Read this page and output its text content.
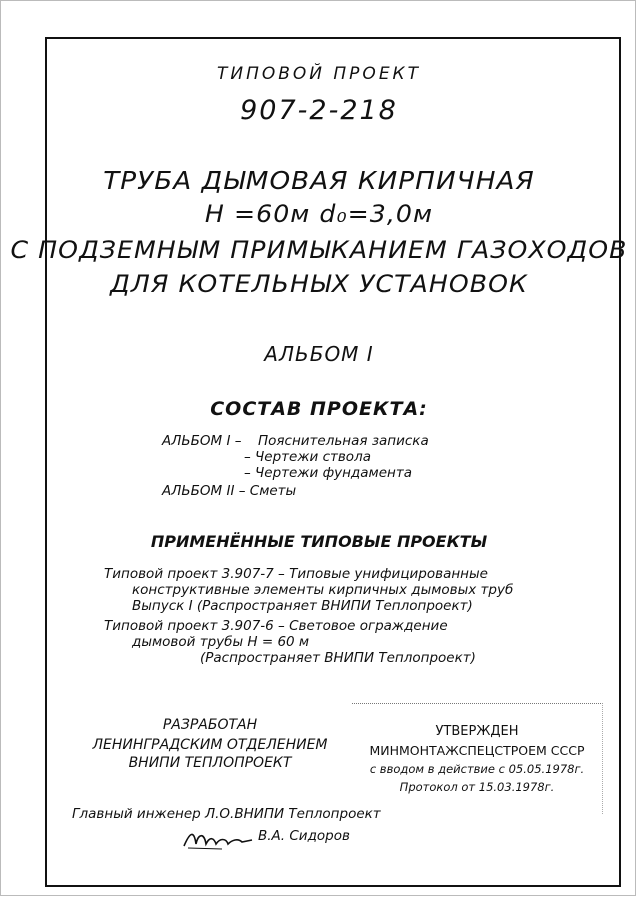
ТИПОВОЙ ПРОЕКТ

907-2-218

ТРУБА ДЫМОВАЯ КИРПИЧНАЯ

Н =60м d₀=3,0м

С ПОДЗЕМНЫМ ПРИМЫКАНИЕМ ГАЗОХОДОВ

ДЛЯ КОТЕЛЬНЫХ УСТАНОВОК

АЛЬБОМ I

СОСТАВ ПРОЕКТА:

АЛЬБОМ I – Пояснительная записка

– Чертежи ствола

– Чертежи фундамента

АЛЬБОМ II – Сметы

ПРИМЕНЁННЫЕ ТИПОВЫЕ ПРОЕКТЫ

Типовой проект 3.907-7 – Типовые унифицированные

конструктивные элементы кирпичных дымовых труб

Выпуск I (Распространяет ВНИПИ Теплопроект)

Типовой проект 3.907-6 – Световое ограждение

дымовой трубы Н = 60 м

(Распространяет ВНИПИ Теплопроект)

РАЗРАБОТАН

ЛЕНИНГРАДСКИМ ОТДЕЛЕНИЕМ

ВНИПИ ТЕПЛОПРОЕКТ

УТВЕРЖДЕН

МИНМОНТАЖСПЕЦСТРОЕМ СССР

с вводом в действие с 05.05.1978г.

Протокол от 15.03.1978г.

Главный инженер Л.О.ВНИПИ Теплопроект

В.А. Сидоров
